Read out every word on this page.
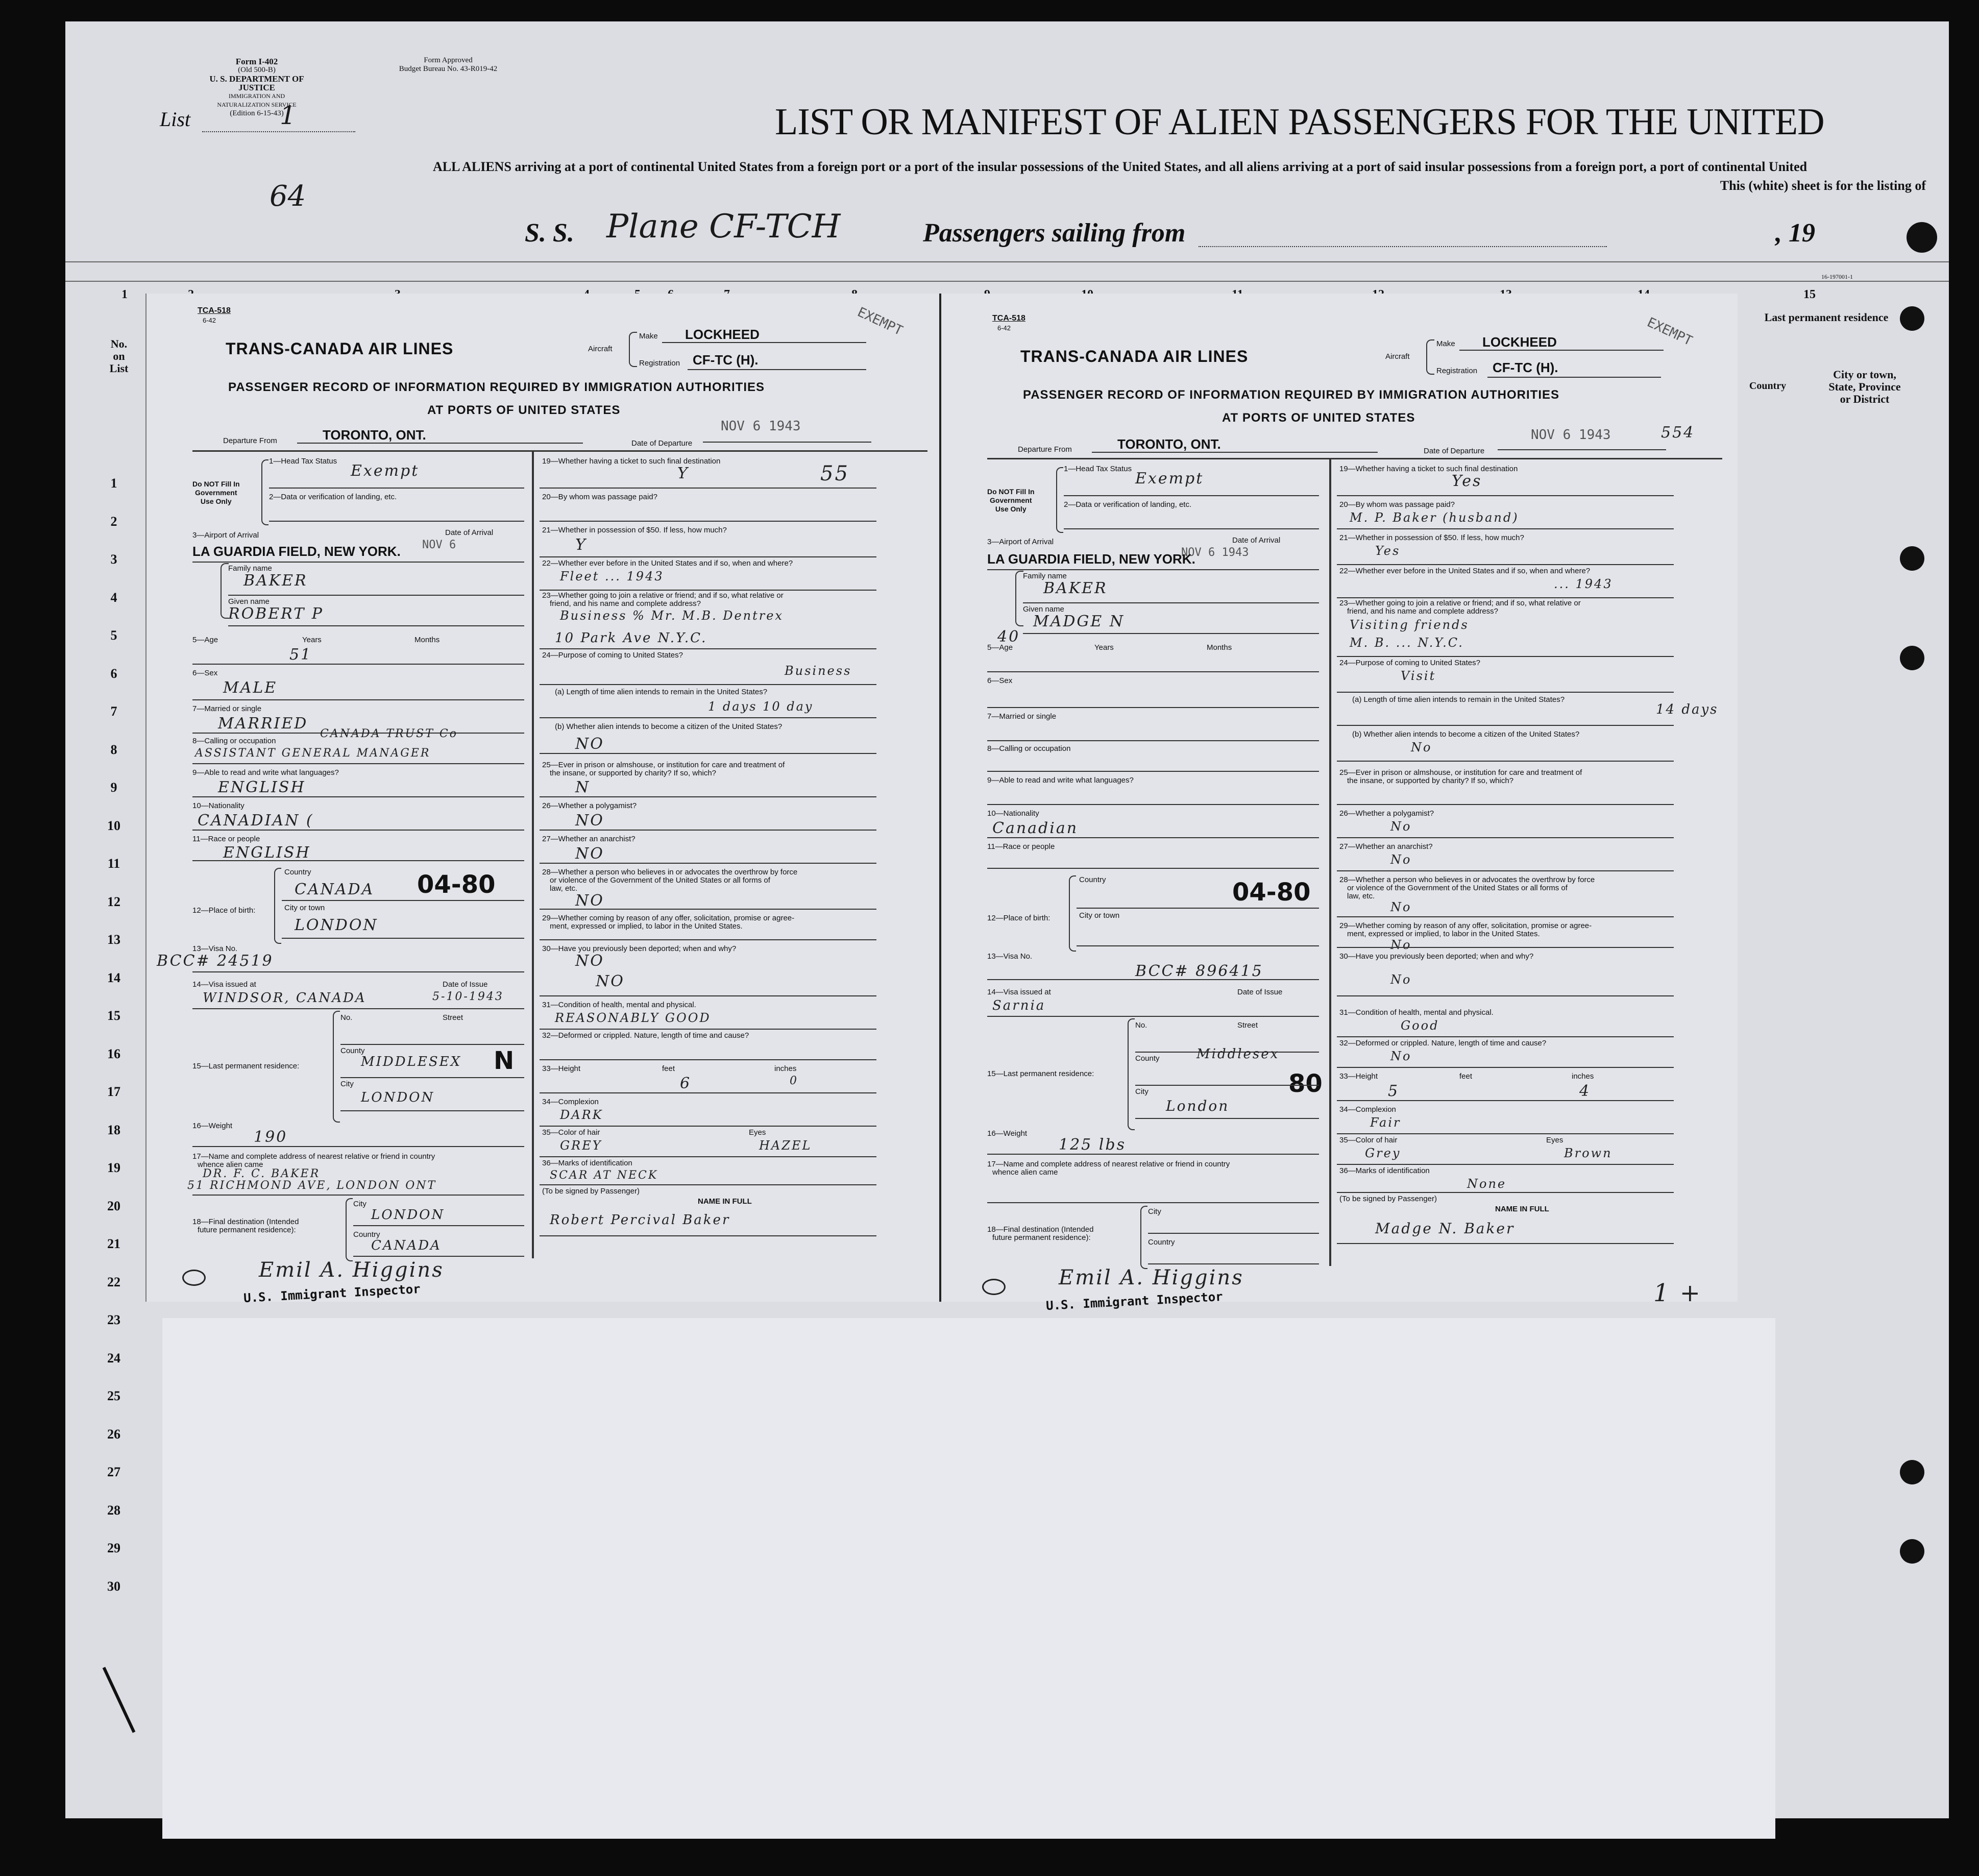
Form I-402
(Old 500-B)
U. S. DEPARTMENT OF JUSTICE
IMMIGRATION AND NATURALIZATION SERVICE
(Edition 6-15-43)
Form Approved
Budget Bureau No. 43-R019-42
List	1
64
LIST OR MANIFEST OF ALIEN PASSENGERS FOR THE UNITED
ALL ALIENS arriving at a port of continental United States from a foreign port or a port of the insular possessions of the United States, and all aliens arriving at a port of said insular possessions from a foreign port, a port of continental United
This (white) sheet is for the listing of
S. S. Plane CF-TCH	Passengers sailing from	, 19
16-197001-1
1	15
No.
on
List
Last permanent residence
Country
City or town,
State, Province
or District
1
2
3
4
5
6
7
8
9
10
11
12
13
14
15
16
17
18
19
20
21
22
23
24
25
26
27
28
29
30
TCA-518
6-42
TRANS-CANADA AIR LINES	Aircraft
Make LOCKHEED
Registration CF-TC (H).
EXEMPT
PASSENGER RECORD OF INFORMATION REQUIRED BY IMMIGRATION AUTHORITIES
AT PORTS OF UNITED STATES
Departure From	TORONTO, ONT.
Date of Departure
NOV 6 1943
Do NOT Fill In
Government
Use Only
1—Head Tax Status
Exempt
2—Data or verification of landing, etc.
3—Airport of Arrival	Date of Arrival
NOV 6
LA GUARDIA FIELD, NEW YORK.
Family name
BAKER
Given name
ROBERT P
5—Age	Years	Months
51
6—Sex
MALE
7—Married or single
MARRIED
8—Calling or occupation
CANADA TRUST Co
ASSISTANT GENERAL MANAGER
9—Able to read and write what languages?
ENGLISH
10—Nationality
CANADIAN (
11—Race or people
ENGLISH
12—Place of birth:
Country
CANADA 04-80
City or town
LONDON
13—Visa No.
BCC# 24519
14—Visa issued at	Date of Issue
WINDSOR, CANADA	5-10-1943
15—Last permanent residence:
No.	Street
County
MIDDLESEX N
City
LONDON
16—Weight
190
17—Name and complete address of nearest relative or friend in country
whence alien came
DR. F. C. BAKER
51 RICHMOND AVE, LONDON ONT
18—Final destination (Intended
future permanent residence):
City
LONDON
Country
CANADA
Emil A. Higgins
U.S. Immigrant Inspector
19—Whether having a ticket to such final destination
Y	55
20—By whom was passage paid?
21—Whether in possession of $50. If less, how much?
Y
22—Whether ever before in the United States and if so, when and where?
Fleet ... 1943
23—Whether going to join a relative or friend; and if so, what relative or
friend, and his name and complete address?
Business % Mr. M.B. Dentrex
10 Park Ave N.Y.C.
24—Purpose of coming to United States?
Business
(a) Length of time alien intends to remain in the United States?
1 days 10 day
(b) Whether alien intends to become a citizen of the United States?
NO
25—Ever in prison or almshouse, or institution for care and treatment of
the insane, or supported by charity? If so, which?
N
26—Whether a polygamist?
NO
27—Whether an anarchist?
NO
28—Whether a person who believes in or advocates the overthrow by force
or violence of the Government of the United States or all forms of
law, etc.
NO
29—Whether coming by reason of any offer, solicitation, promise or agree-
ment, expressed or implied, to labor in the United States.
30—Have you previously been deported; when and why?
NO
NO
31—Condition of health, mental and physical.
REASONABLY GOOD
32—Deformed or crippled. Nature, length of time and cause?
33—Height	feet	inches
6	0
34—Complexion
DARK
35—Color of hair	Eyes
GREY	HAZEL
36—Marks of identification
SCAR AT NECK
(To be signed by Passenger)
NAME IN FULL
Robert Percival Baker
TCA-518
6-42
TRANS-CANADA AIR LINES	Aircraft
Make LOCKHEED
Registration CF-TC (H).
EXEMPT
PASSENGER RECORD OF INFORMATION REQUIRED BY IMMIGRATION AUTHORITIES
AT PORTS OF UNITED STATES
Departure From	TORONTO, ONT.	Date of Departure
NOV 6 1943	554
Do NOT Fill In
Government
Use Only
1—Head Tax Status
Exempt
2—Data or verification of landing, etc.
3—Airport of Arrival	Date of Arrival
NOV 6 1943
LA GUARDIA FIELD, NEW YORK.
Family name
BAKER
Given name
MADGE N
5—Age	Years	Months
40
6—Sex
7—Married or single
8—Calling or occupation
9—Able to read and write what languages?
10—Nationality
Canadian
11—Race or people
12—Place of birth:
Country	04-80
City or town
13—Visa No.
BCC# 896415
14—Visa issued at	Date of Issue
Sarnia
15—Last permanent residence:
No.	Street
County	Middlesex
80
City
London
16—Weight
125 lbs
17—Name and complete address of nearest relative or friend in country
whence alien came
18—Final destination (Intended
future permanent residence):
City
Country
Emil A. Higgins
U.S. Immigrant Inspector
19—Whether having a ticket to such final destination
Yes
20—By whom was passage paid?
M. P. Baker (husband)
21—Whether in possession of $50. If less, how much?
Yes
22—Whether ever before in the United States and if so, when and where?
... 1943
23—Whether going to join a relative or friend; and if so, what relative or
friend, and his name and complete address?
Visiting friends
M. B. ... N.Y.C.
24—Purpose of coming to United States?
Visit
(a) Length of time alien intends to remain in the United States?
14 days
(b) Whether alien intends to become a citizen of the United States?
No
25—Ever in prison or almshouse, or institution for care and treatment of
the insane, or supported by charity? If so, which?
26—Whether a polygamist?
No
27—Whether an anarchist?
No
28—Whether a person who believes in or advocates the overthrow by force
or violence of the Government of the United States or all forms of
law, etc.
No
29—Whether coming by reason of any offer, solicitation, promise or agree-
ment, expressed or implied, to labor in the United States.
No
30—Have you previously been deported; when and why?
No
31—Condition of health, mental and physical.
Good
32—Deformed or crippled. Nature, length of time and cause?
No
33—Height	feet	inches
5	4
34—Complexion
Fair
35—Color of hair	Eyes
Grey	Brown
36—Marks of identification
None
(To be signed by Passenger)
NAME IN FULL
Madge N. Baker
1 +
